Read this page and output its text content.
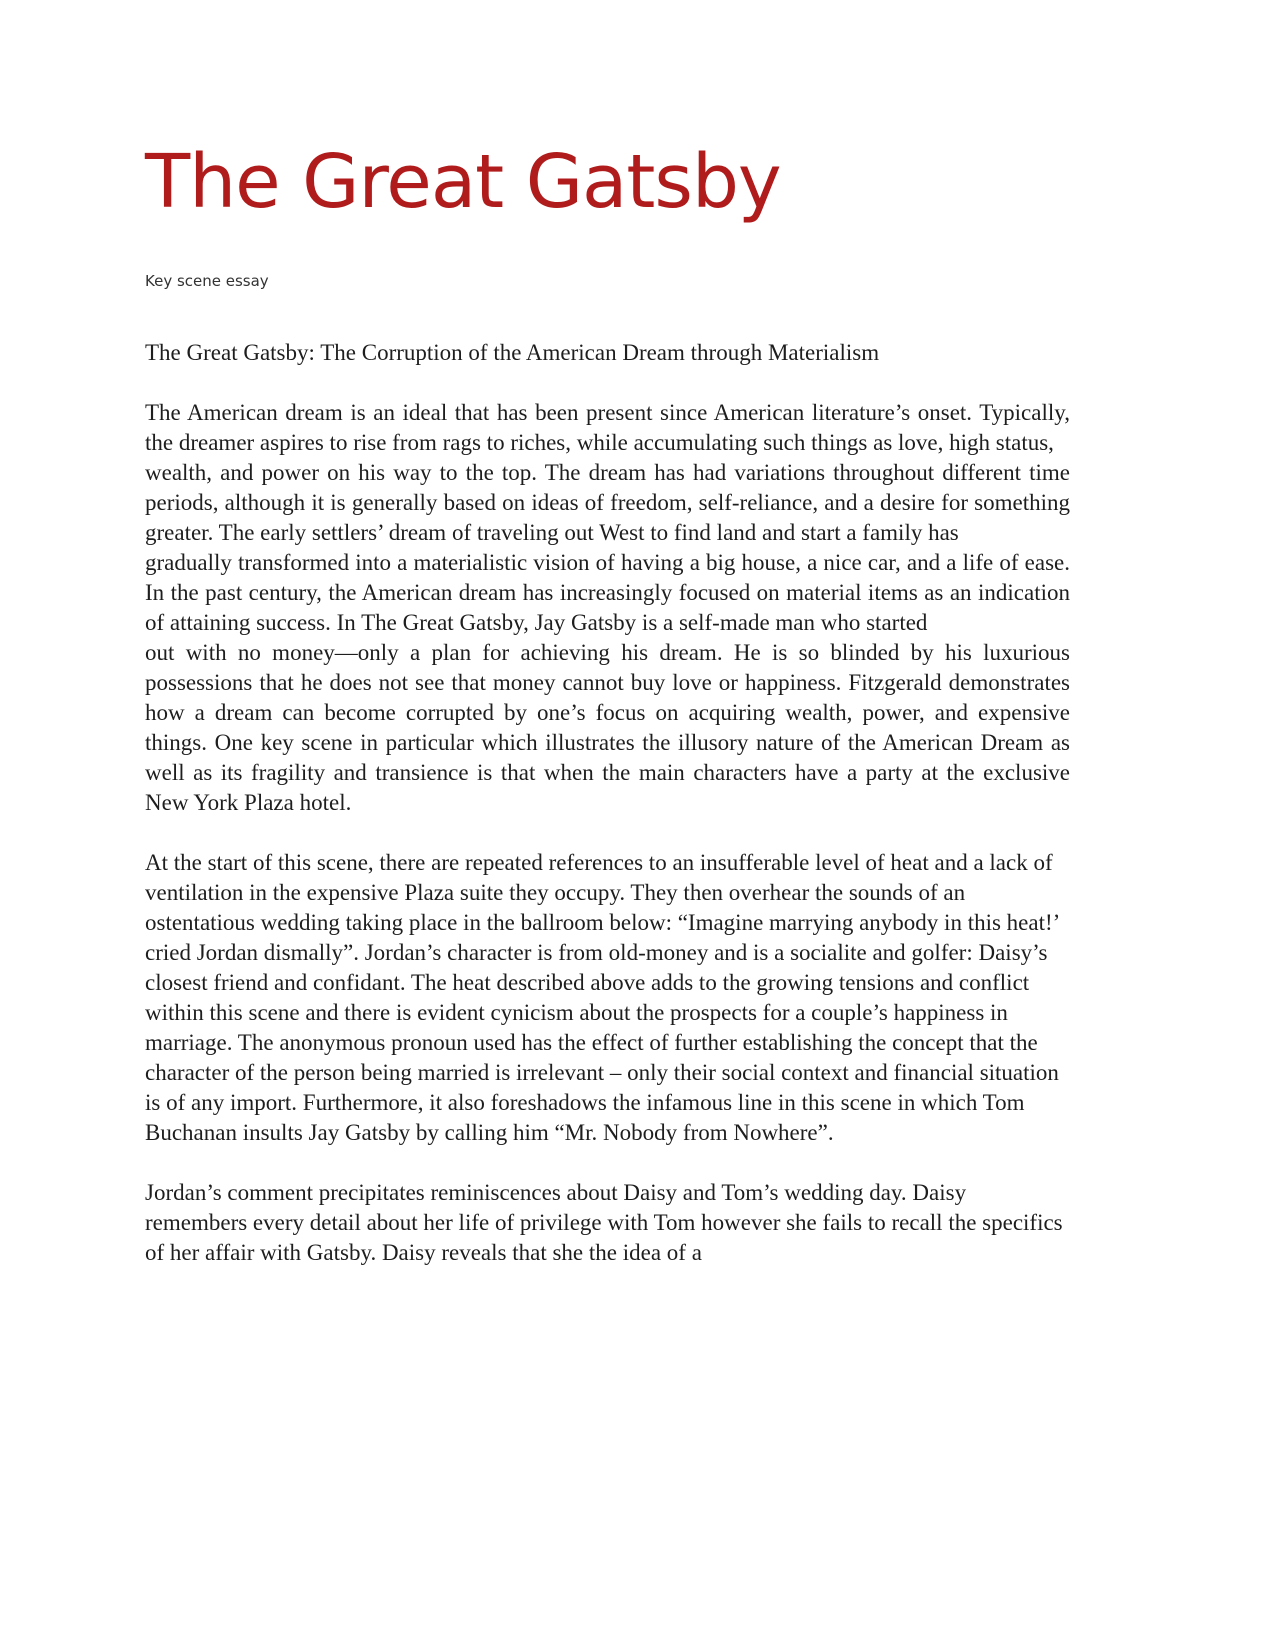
The Great Gatsby

Key scene essay

The Great Gatsby: The Corruption of the American Dream through Materialism

The American dream is an ideal that has been present since American literature’s onset. Typically, the dreamer aspires to rise from rags to riches, while accumulating such things as love, high status,
wealth, and power on his way to the top. The dream has had variations throughout different time periods, although it is generally based on ideas of freedom, self-reliance, and a desire for something greater. The early settlers’ dream of traveling out West to find land and start a family has
gradually transformed into a materialistic vision of having a big house, a nice car, and a life of ease. In the past century, the American dream has increasingly focused on material items as an indication of attaining success. In The Great Gatsby, Jay Gatsby is a self-made man who started
out with no money—only a plan for achieving his dream. He is so blinded by his luxurious possessions that he does not see that money cannot buy love or happiness. Fitzgerald demonstrates how a dream can become corrupted by one’s focus on acquiring wealth, power, and expensive things. One key scene in particular which illustrates the illusory nature of the American Dream as well as its fragility and transience is that when the main characters have a party at the exclusive New York Plaza hotel.

At the start of this scene, there are repeated references to an insufferable level of heat and a lack of ventilation in the expensive Plaza suite they occupy. They then overhear the sounds of an ostentatious wedding taking place in the ballroom below: “Imagine marrying anybody in this heat!’ cried Jordan dismally”. Jordan’s character is from old-money and is a socialite and golfer: Daisy’s closest friend and confidant. The heat described above adds to the growing tensions and conflict within this scene and there is evident cynicism about the prospects for a couple’s happiness in marriage. The anonymous pronoun used has the effect of further establishing the concept that the character of the person being married is irrelevant – only their social context and financial situation is of any import. Furthermore, it also foreshadows the infamous line in this scene in which Tom Buchanan insults Jay Gatsby by calling him “Mr. Nobody from Nowhere”.

Jordan’s comment precipitates reminiscences about Daisy and Tom’s wedding day. Daisy remembers every detail about her life of privilege with Tom however she fails to recall the specifics of her affair with Gatsby. Daisy reveals that she the idea of a
